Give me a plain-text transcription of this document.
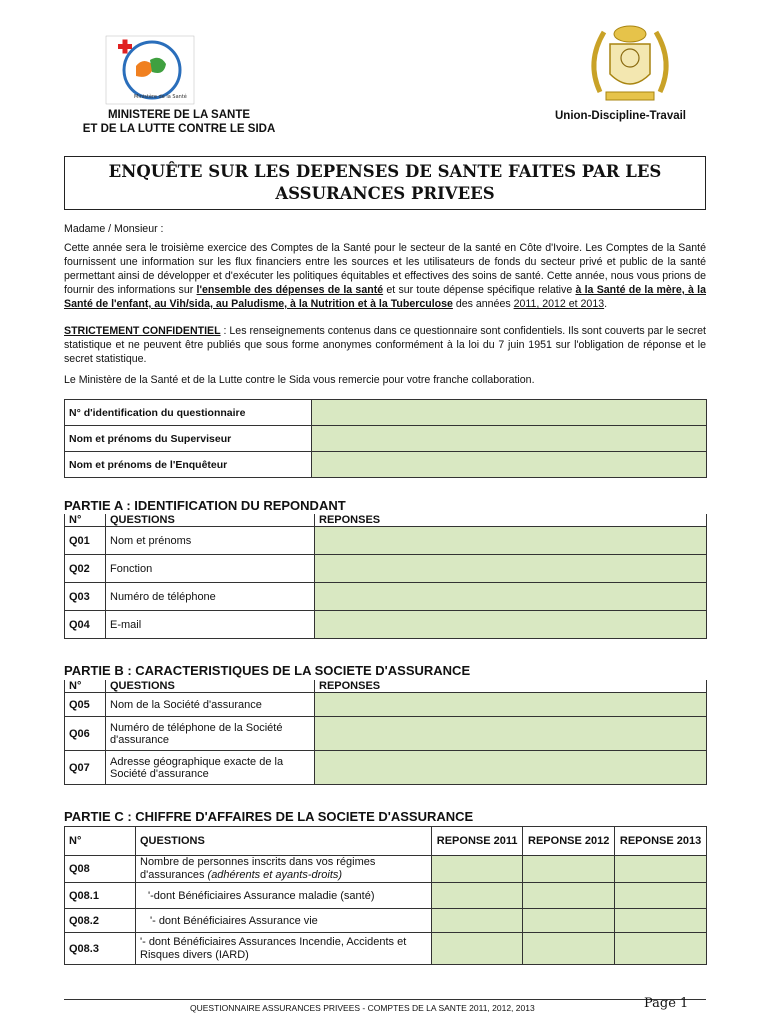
Ministère de la Santé
MINISTERE DE LA SANTE
ET DE LA LUTTE CONTRE LE SIDA
Union-Discipline-Travail
ENQUÊTE SUR LES DEPENSES DE SANTE FAITES PAR LES
ASSURANCES PRIVEES
Madame / Monsieur :
Cette année sera le troisième exercice des Comptes de la Santé pour le secteur de la santé en Côte d'Ivoire. Les Comptes de la Santé fournissent une information sur les flux financiers entre les sources et les utilisateurs de fonds du secteur privé et public de la santé permettant ainsi de développer et d'exécuter les politiques équitables et effectives des soins de santé. Cette année, nous vous prions de fournir des informations sur l'ensemble des dépenses de la santé et sur toute dépense spécifique relative à la Santé de la mère, à la Santé de l'enfant, au Vih/sida, au Paludisme, à la Nutrition et à la Tuberculose des années 2011, 2012 et 2013.
STRICTEMENT CONFIDENTIEL : Les renseignements contenus dans ce questionnaire sont confidentiels. Ils sont couverts par le secret statistique et ne peuvent être publiés que sous forme anonymes conformément à la loi du 7 juin 1951 sur l'obligation de réponse et le secret statistique.
Le Ministère de la Santé et de la Lutte contre le Sida vous remercie pour votre franche collaboration.
N° d'identification du questionnaire	
Nom et prénoms du Superviseur	
Nom et prénoms de l'Enquêteur	
PARTIE A : IDENTIFICATION DU REPONDANT
N°	QUESTIONS	REPONSES
Q01	Nom et prénoms	
Q02	Fonction	
Q03	Numéro de téléphone	
Q04	E-mail	
PARTIE B : CARACTERISTIQUES DE LA SOCIETE D'ASSURANCE
N°	QUESTIONS	REPONSES
Q05	Nom de la Société d'assurance	
Q06	Numéro de téléphone de la Société d'assurance	
Q07	Adresse géographique exacte de la Société d'assurance	
PARTIE C : CHIFFRE D'AFFAIRES DE LA SOCIETE D'ASSURANCE
N°	QUESTIONS	REPONSE 2011	REPONSE 2012	REPONSE 2013
Q08	Nombre de personnes inscrits dans vos régimes d'assurances (adhérents et ayants-droits)			
Q08.1	'-dont Bénéficiaires Assurance maladie (santé)			
Q08.2	'- dont Bénéficiaires Assurance vie			
Q08.3	'- dont Bénéficiaires Assurances Incendie, Accidents et Risques divers (IARD)			
QUESTIONNAIRE ASSURANCES PRIVEES - COMPTES DE LA SANTE 2011, 2012, 2013	Page 1
